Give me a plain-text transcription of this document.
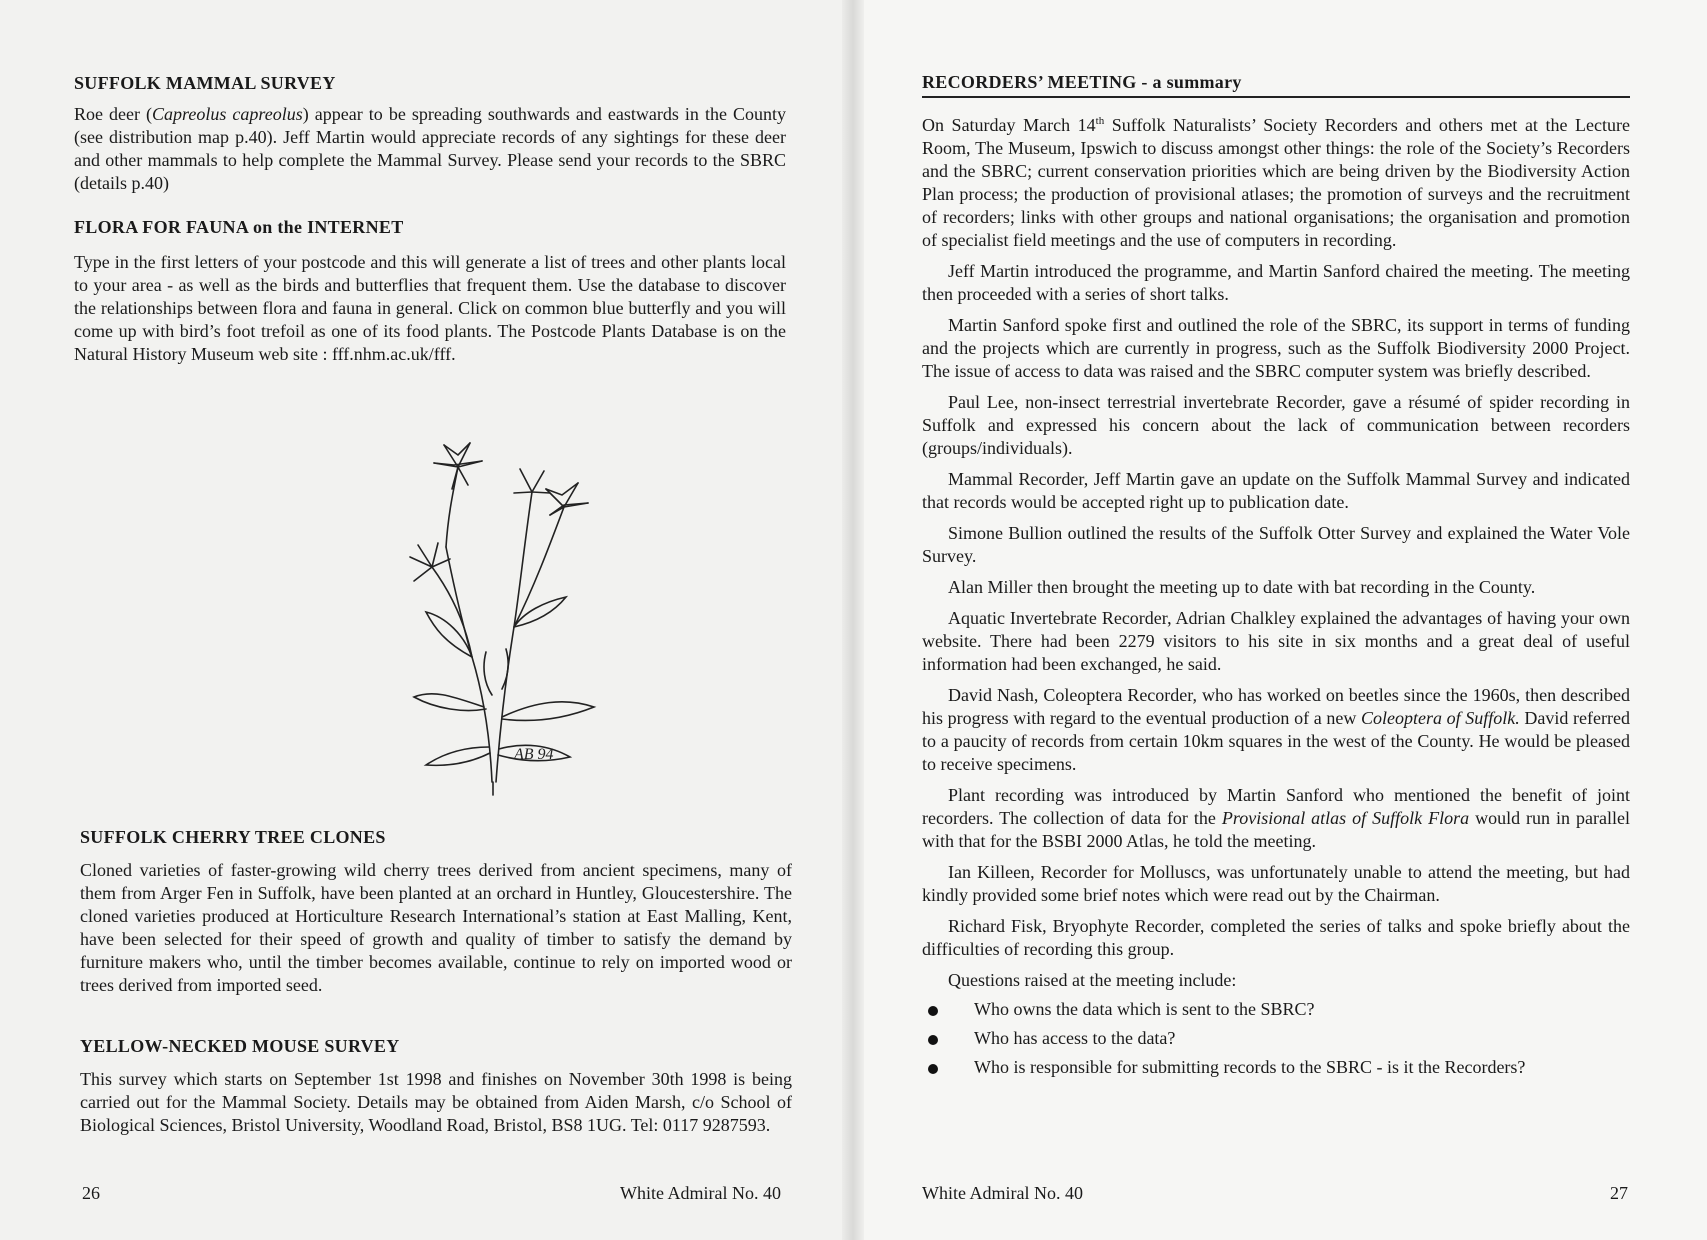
SUFFOLK MAMMAL SURVEY

Roe deer (Capreolus capreolus) appear to be spreading southwards and eastwards in the County (see distribution map p.40). Jeff Martin would appreciate records of any sightings for these deer and other mammals to help complete the Mammal Survey. Please send your records to the SBRC (details p.40)

FLORA FOR FAUNA on the INTERNET

Type in the first letters of your postcode and this will generate a list of trees and other plants local to your area - as well as the birds and butterflies that frequent them. Use the database to discover the relationships between flora and fauna in general. Click on common blue butterfly and you will come up with bird’s foot trefoil as one of its food plants. The Postcode Plants Database is on the Natural History Museum web site : fff.nhm.ac.uk/fff.

AB 94
SUFFOLK CHERRY TREE CLONES

Cloned varieties of faster-growing wild cherry trees derived from ancient specimens, many of them from Arger Fen in Suffolk, have been planted at an orchard in Huntley, Gloucestershire. The cloned varieties produced at Horticulture Research International’s station at East Malling, Kent, have been selected for their speed of growth and quality of timber to satisfy the demand by furniture makers who, until the timber becomes available, continue to rely on imported wood or trees derived from imported seed.

YELLOW-NECKED MOUSE SURVEY

This survey which starts on September 1st 1998 and finishes on November 30th 1998 is being carried out for the Mammal Society. Details may be obtained from Aiden Marsh, c/o School of Biological Sciences, Bristol University, Woodland Road, Bristol, BS8 1UG. Tel: 0117 9287593.

26	White Admiral No. 40
RECORDERS’ MEETING - a summary

On Saturday March 14th Suffolk Naturalists’ Society Recorders and others met at the Lecture Room, The Museum, Ipswich to discuss amongst other things: the role of the Society’s Recorders and the SBRC; current conservation priorities which are being driven by the Biodiversity Action Plan process; the production of provisional atlases; the promotion of surveys and the recruitment of recorders; links with other groups and national organisations; the organisation and promotion of specialist field meetings and the use of computers in recording.

Jeff Martin introduced the programme, and Martin Sanford chaired the meeting. The meeting then proceeded with a series of short talks.

Martin Sanford spoke first and outlined the role of the SBRC, its support in terms of funding and the projects which are currently in progress, such as the Suffolk Biodiversity 2000 Project. The issue of access to data was raised and the SBRC computer system was briefly described.

Paul Lee, non-insect terrestrial invertebrate Recorder, gave a résumé of spider recording in Suffolk and expressed his concern about the lack of communication between recorders (groups/individuals).

Mammal Recorder, Jeff Martin gave an update on the Suffolk Mammal Survey and indicated that records would be accepted right up to publication date.

Simone Bullion outlined the results of the Suffolk Otter Survey and explained the Water Vole Survey.

Alan Miller then brought the meeting up to date with bat recording in the County.

Aquatic Invertebrate Recorder, Adrian Chalkley explained the advantages of having your own website. There had been 2279 visitors to his site in six months and a great deal of useful information had been exchanged, he said.

David Nash, Coleoptera Recorder, who has worked on beetles since the 1960s, then described his progress with regard to the eventual production of a new Coleoptera of Suffolk. David referred to a paucity of records from certain 10km squares in the west of the County. He would be pleased to receive specimens.

Plant recording was introduced by Martin Sanford who mentioned the benefit of joint recorders. The collection of data for the Provisional atlas of Suffolk Flora would run in parallel with that for the BSBI 2000 Atlas, he told the meeting.

Ian Killeen, Recorder for Molluscs, was unfortunately unable to attend the meeting, but had kindly provided some brief notes which were read out by the Chairman.

Richard Fisk, Bryophyte Recorder, completed the series of talks and spoke briefly about the difficulties of recording this group.

Questions raised at the meeting include:

Who owns the data which is sent to the SBRC?
Who has access to the data?
Who is responsible for submitting records to the SBRC - is it the Recorders?
White Admiral No. 40	27
